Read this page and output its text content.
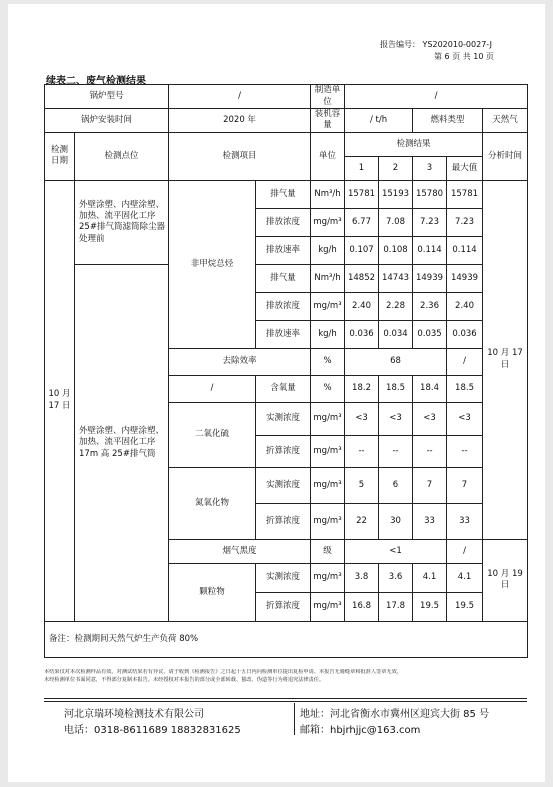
报告编号： YS202010-0027-J
第 6 页 共 10 页
续表二、废气检测结果
锅炉型号		/		制造单位	/				
锅炉安装时间		2020 年		装机容量	/ t/h		燃料类型		天然气
检测日期	检测点位	检测项目		单位	检测结果				分析时间
					1	2	3	最大值	
10 月 17 日	外壁涂塑、内壁涂塑、加热、流平固化工序 25#排气筒滤筒除尘器处理前	非甲烷总烃	排气量	Nm³/h	15781	15193	15780	15781	10 月 17 日
			排放浓度	mg/m³	6.77	7.08	7.23	7.23	
			排放速率	kg/h	0.107	0.108	0.114	0.114	
	外壁涂塑、内壁涂塑、加热、流平固化工序 17m 高 25#排气筒		排气量	Nm³/h	14852	14743	14939	14939	
			排放浓度	mg/m³	2.40	2.28	2.36	2.40	
			排放速率	kg/h	0.036	0.034	0.035	0.036	
		去除效率		%	68			/	
		/	含氧量	%	18.2	18.5	18.4	18.5	
		二氧化硫	实测浓度	mg/m³	<3	<3	<3	<3	
			折算浓度	mg/m³	--	--	--	--	
		氮氧化物	实测浓度	mg/m³	5	6	7	7	
			折算浓度	mg/m³	22	30	33	33	
		烟气黑度		级	<1			/	10 月 19 日
		颗粒物	实测浓度	mg/m³	3.8	3.6	4.1	4.1	
			折算浓度	mg/m³	16.8	17.8	19.5	19.5	
备注：检测期间天然气炉生产负荷 80%									
本结果仅对本次检测样品有效。对测试结果若有异议，请于收到《检测报告》之日起十五日内向检测单位提出复检申请。本报告无骑缝章和批准人签章无效，
未经检测单位书面同意，不得部分复制本报告。未经授权对本报告的部分或全部转载、篡改、伪造等行为将追究法律责任。
河北京瑞环境检测技术有限公司
电话：0318-8611689 18832831625
地址：河北省衡水市冀州区迎宾大街 85 号
邮箱：hbjrhjjc@163.com
